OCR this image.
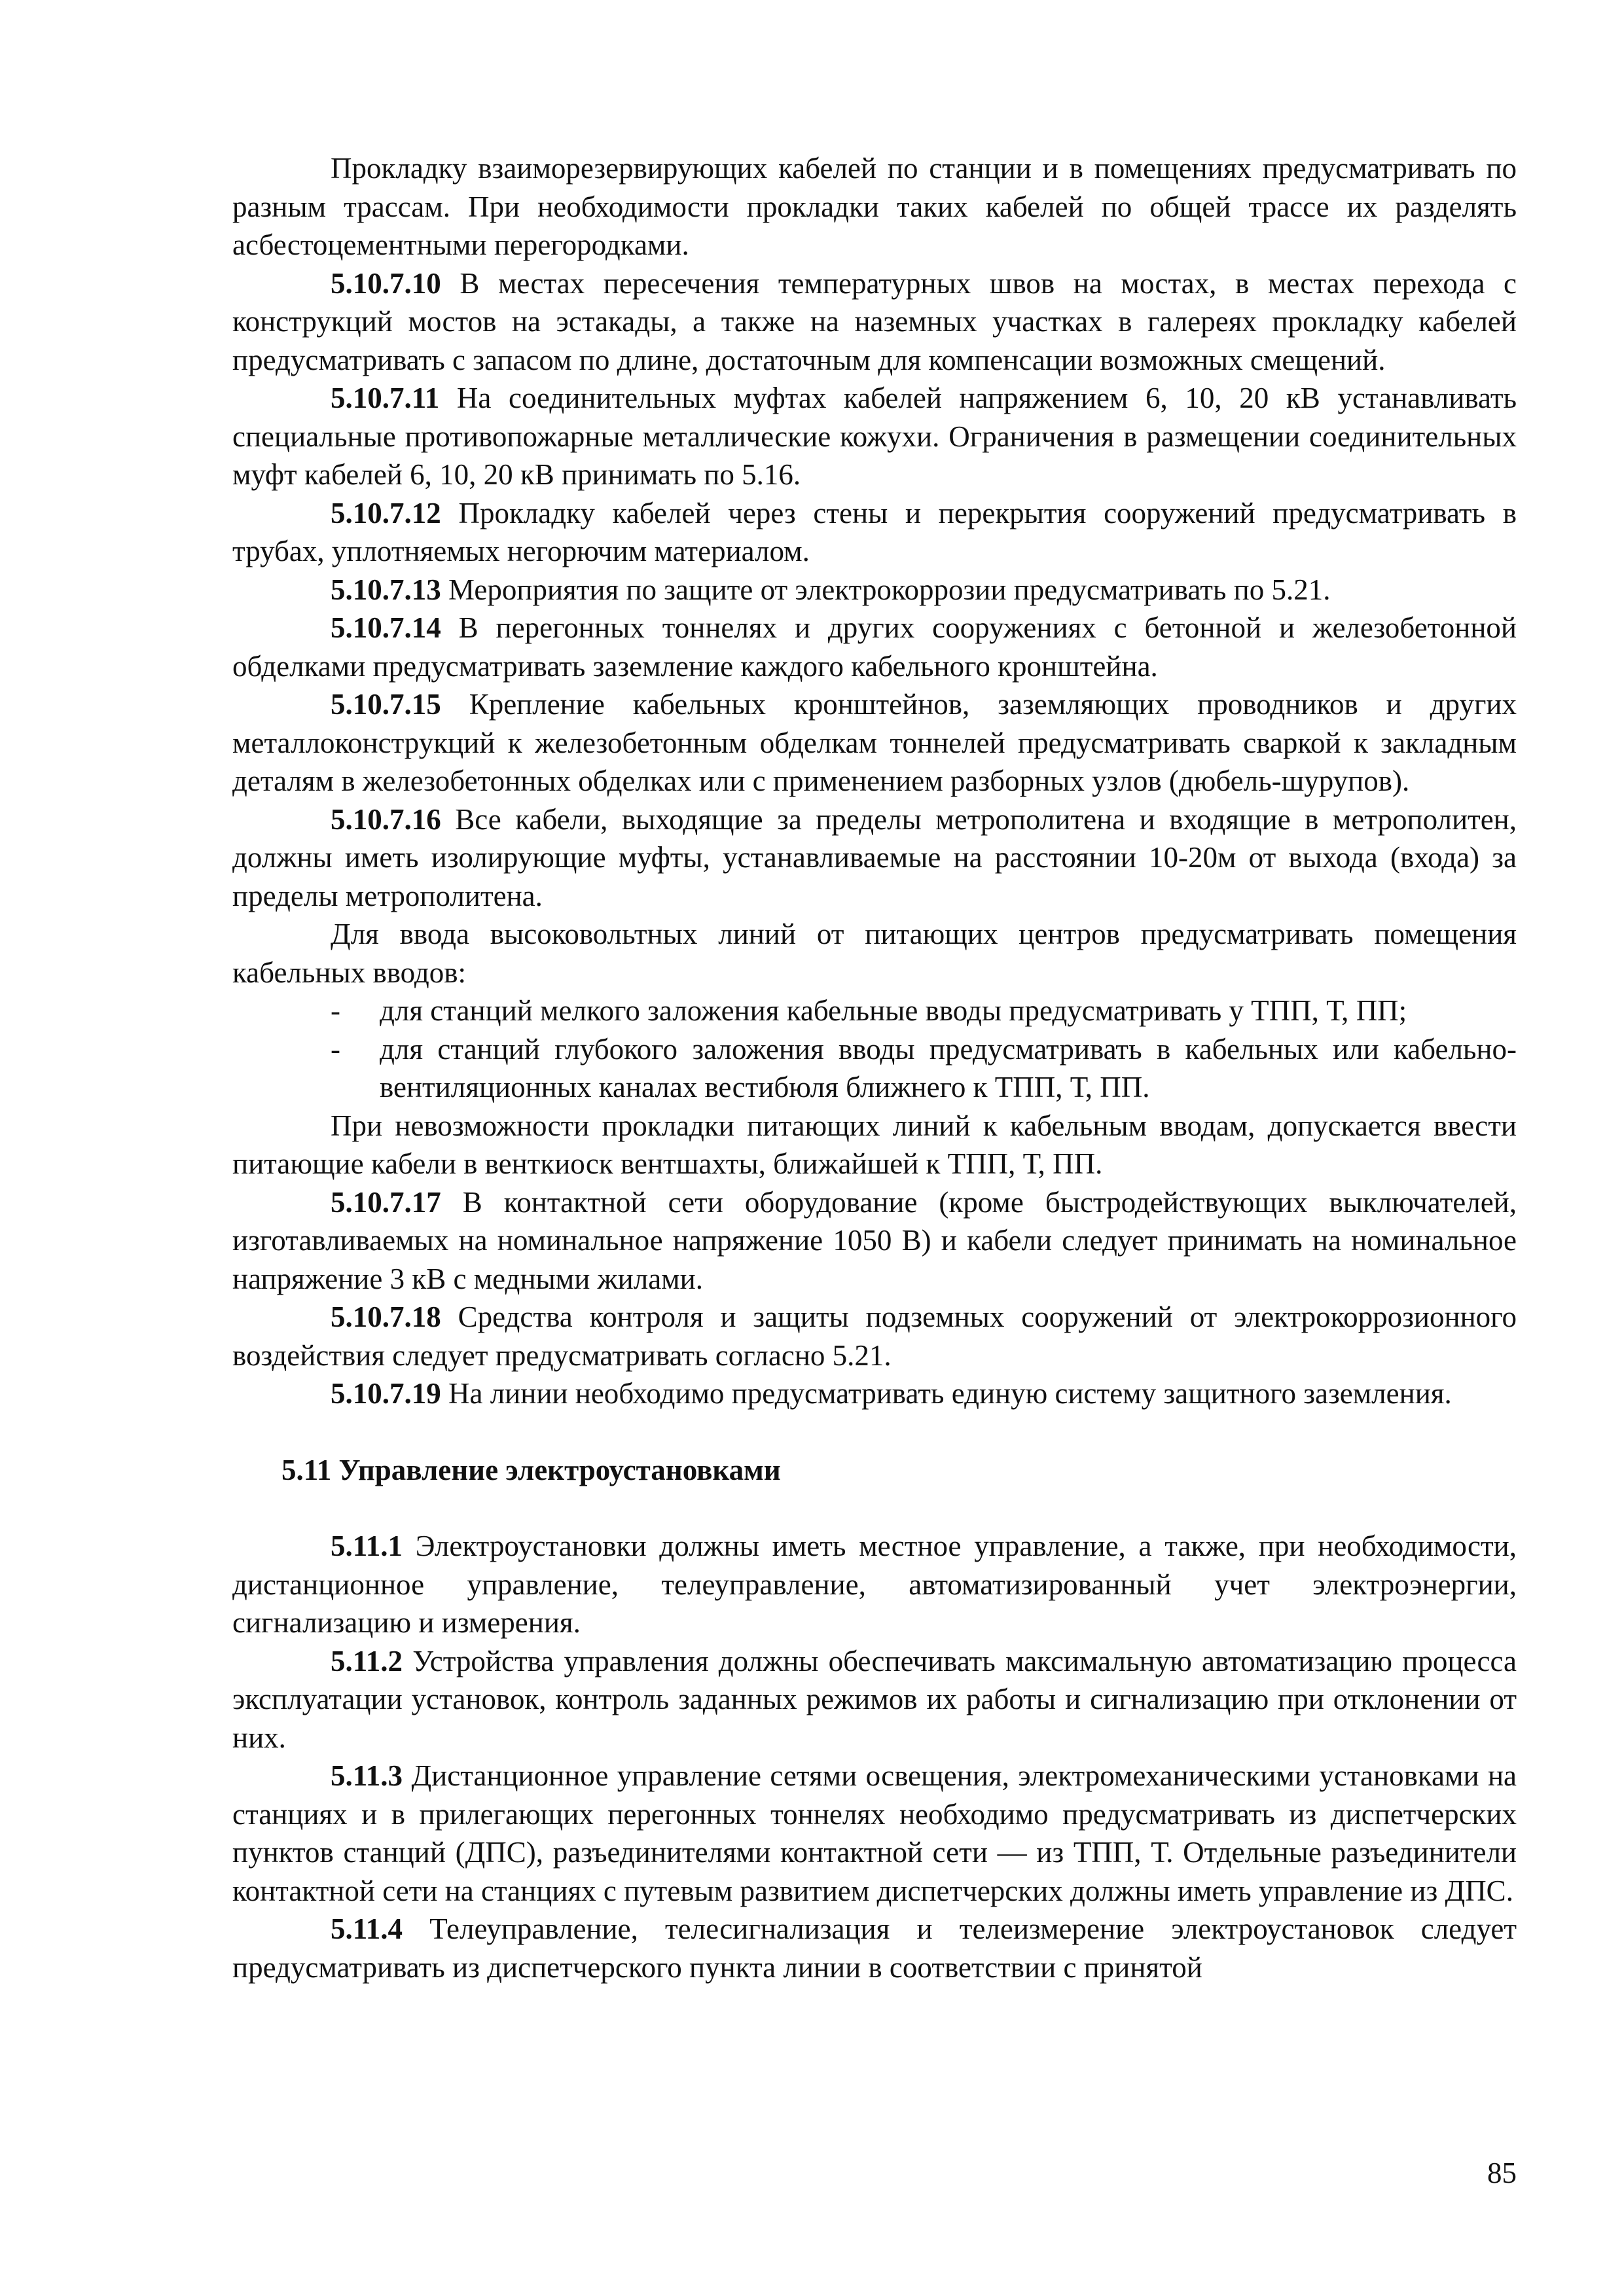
Прокладку взаиморезервирующих кабелей по станции и в помещениях предусматривать по разным трассам. При необходимости прокладки таких кабелей по общей трассе их разделять асбестоцементными перегородками.

5.10.7.10 В местах пересечения температурных швов на мостах, в местах перехода с конструкций мостов на эстакады, а также на наземных участках в галереях прокладку кабелей предусматривать с запасом по длине, достаточным для компенсации возможных смещений.

5.10.7.11 На соединительных муфтах кабелей напряжением 6, 10, 20 кВ устанавливать специальные противопожарные металлические кожухи. Ограничения в размещении соединительных муфт кабелей 6, 10, 20 кВ принимать по 5.16.

5.10.7.12 Прокладку кабелей через стены и перекрытия сооружений предусматривать в трубах, уплотняемых негорючим материалом.

5.10.7.13 Мероприятия по защите от электрокоррозии предусматривать по 5.21.

5.10.7.14 В перегонных тоннелях и других сооружениях с бетонной и железобетонной обделками предусматривать заземление каждого кабельного кронштейна.

5.10.7.15 Крепление кабельных кронштейнов, заземляющих проводников и других металлоконструкций к железобетонным обделкам тоннелей предусматривать сваркой к закладным деталям в железобетонных обделках или с применением разборных узлов (дюбель-шурупов).

5.10.7.16 Все кабели, выходящие за пределы метрополитена и входящие в метрополитен, должны иметь изолирующие муфты, устанавливаемые на расстоянии 10-20м от выхода (входа) за пределы метрополитена.

Для ввода высоковольтных линий от питающих центров предусматривать помещения кабельных вводов:

- для станций мелкого заложения кабельные вводы предусматривать у ТПП, Т, ПП;
- для станций глубокого заложения вводы предусматривать в кабельных или кабельно-вентиляционных каналах вестибюля ближнего к ТПП, Т, ПП.

При невозможности прокладки питающих линий к кабельным вводам, допускается ввести питающие кабели в венткиоск вентшахты, ближайшей к ТПП, Т, ПП.

5.10.7.17 В контактной сети оборудование (кроме быстродействующих выключателей, изготавливаемых на номинальное напряжение 1050 В) и кабели следует принимать на номинальное напряжение 3 кВ с медными жилами.

5.10.7.18 Средства контроля и защиты подземных сооружений от электрокоррозионного воздействия следует предусматривать согласно 5.21.

5.10.7.19 На линии необходимо предусматривать единую систему защитного заземления.

5.11 Управление электроустановками

5.11.1 Электроустановки должны иметь местное управление, а также, при необходимости, дистанционное управление, телеуправление, автоматизированный учет электроэнергии, сигнализацию и измерения.

5.11.2 Устройства управления должны обеспечивать максимальную автоматизацию процесса эксплуатации установок, контроль заданных режимов их работы и сигнализацию при отклонении от них.

5.11.3 Дистанционное управление сетями освещения, электромеханическими установками на станциях и в прилегающих перегонных тоннелях необходимо предусматривать из диспетчерских пунктов станций (ДПС), разъединителями контактной сети — из ТПП, Т. Отдельные разъединители контактной сети на станциях с путевым развитием диспетчерских должны иметь управление из ДПС.

5.11.4 Телеуправление, телесигнализация и телеизмерение электроустановок следует предусматривать из диспетчерского пункта линии в соответствии с принятой

85
